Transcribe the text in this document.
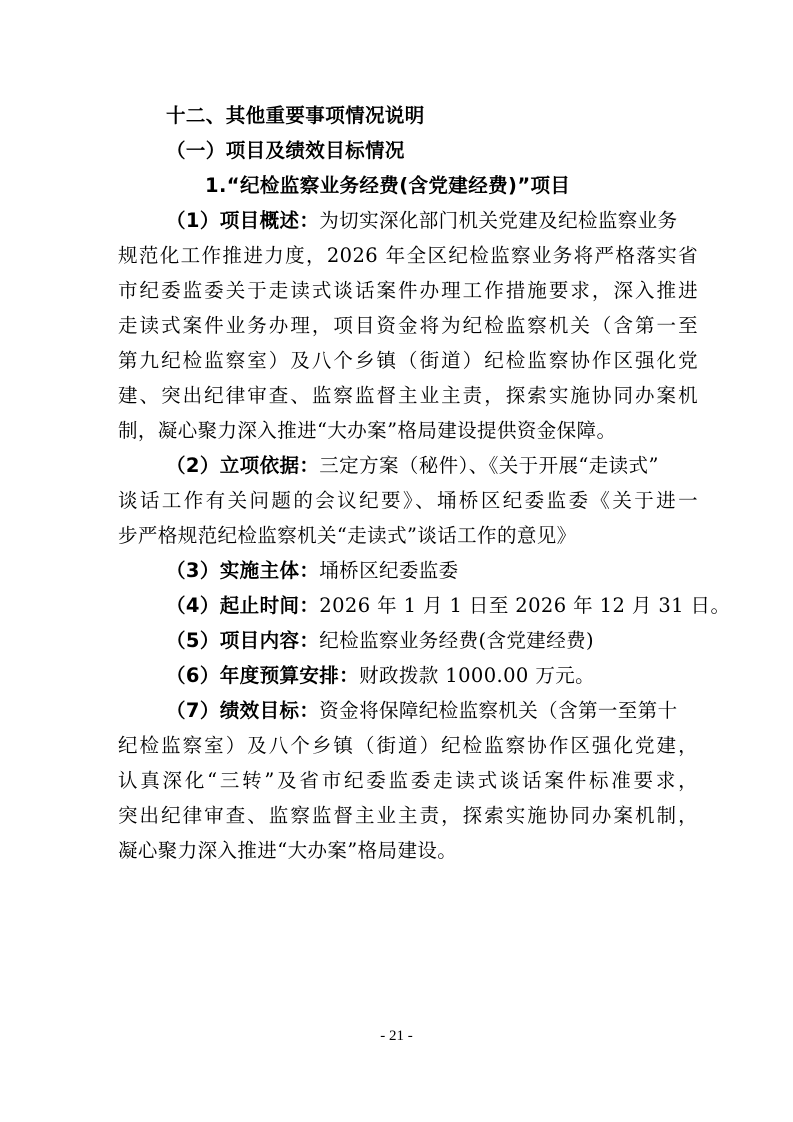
十二、其他重要事项情况说明
（一）项目及绩效目标情况
1.“纪检监察业务经费(含党建经费)”项目
（1）项目概述：为切实深化部门机关党建及纪检监察业务
规范化工作推进力度，2026 年全区纪检监察业务将严格落实省
市纪委监委关于走读式谈话案件办理工作措施要求，深入推进
走读式案件业务办理，项目资金将为纪检监察机关（含第一至
第九纪检监察室）及八个乡镇（街道）纪检监察协作区强化党
建、突出纪律审查、监察监督主业主责，探索实施协同办案机
制，凝心聚力深入推进“大办案”格局建设提供资金保障。
（2）立项依据：三定方案（秘件）、《关于开展“走读式”
谈话工作有关问题的会议纪要》、埇桥区纪委监委《关于进一
步严格规范纪检监察机关“走读式”谈话工作的意见》
（3）实施主体：埇桥区纪委监委
（4）起止时间：2026 年 1 月 1 日至 2026 年 12 月 31 日。
（5）项目内容：纪检监察业务经费(含党建经费)
（6）年度预算安排：财政拨款 1000.00 万元。
（7）绩效目标：资金将保障纪检监察机关（含第一至第十
纪检监察室）及八个乡镇（街道）纪检监察协作区强化党建，
认真深化“三转”及省市纪委监委走读式谈话案件标准要求，
突出纪律审查、监察监督主业主责，探索实施协同办案机制，
凝心聚力深入推进“大办案”格局建设。
- 21 -
